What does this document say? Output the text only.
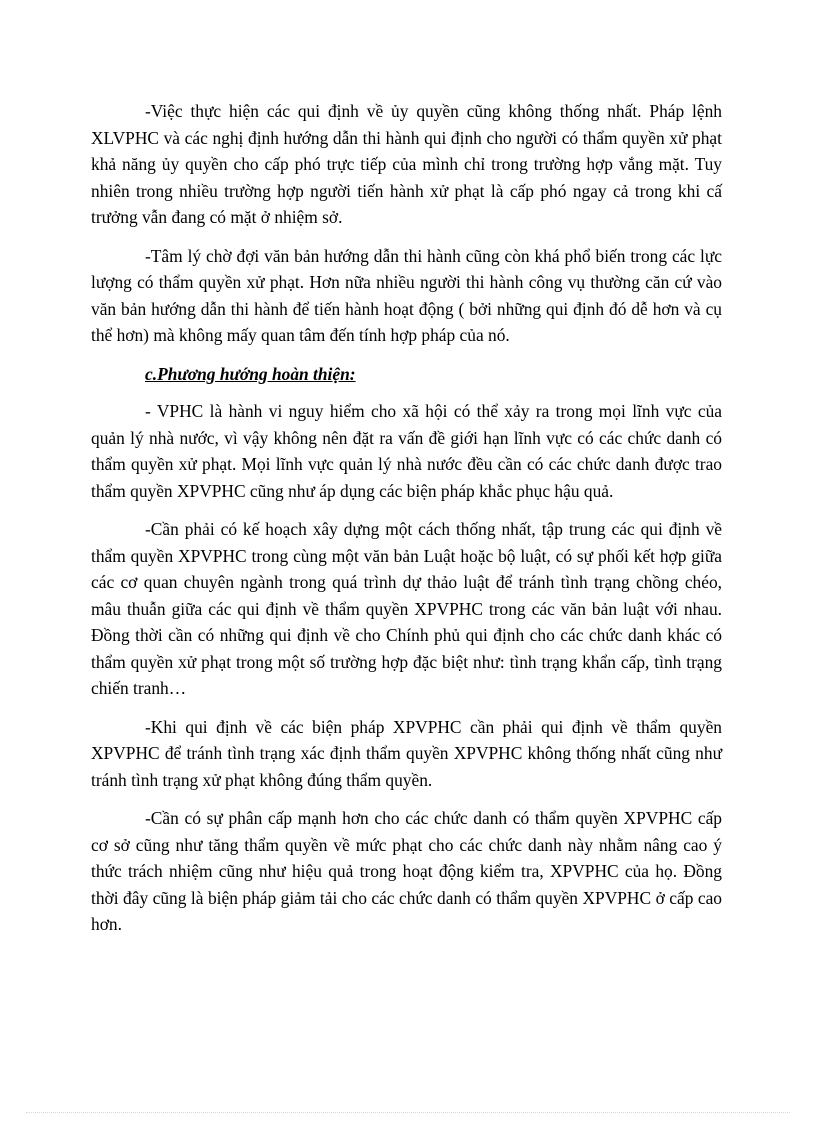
-Việc thực hiện các qui định về ủy quyền cũng không thống nhất. Pháp lệnh XLVPHC và các nghị định hướng dẫn thi hành qui định cho người có thẩm quyền xử phạt khả năng ủy quyền cho cấp phó trực tiếp của mình chỉ trong trường hợp vắng mặt. Tuy nhiên trong nhiều trường hợp người tiến hành xử phạt là cấp phó ngay cả trong khi cấ trưởng vẫn đang có mặt ở nhiệm sở.

-Tâm lý chờ đợi văn bản hướng dẫn thi hành cũng còn khá phổ biến trong các lực lượng có thẩm quyền xử phạt. Hơn nữa nhiều người thi hành công vụ thường căn cứ vào văn bản hướng dẫn thi hành để tiến hành hoạt động ( bởi những qui định đó dễ hơn và cụ thể hơn) mà không mấy quan tâm đến tính hợp pháp của nó.

c.Phương hướng hoàn thiện:

- VPHC là hành vi nguy hiểm cho xã hội có thể xảy ra trong mọi lĩnh vực của quản lý nhà nước, vì vậy không nên đặt ra vấn đề giới hạn lĩnh vực có các chức danh có thẩm quyền xử phạt. Mọi lĩnh vực quản lý nhà nước đều cần có các chức danh được trao thẩm quyền XPVPHC cũng như áp dụng các biện pháp khắc phục hậu quả.

-Cần phải có kế hoạch xây dựng một cách thống nhất, tập trung các qui định về thẩm quyền XPVPHC trong cùng một văn bản Luật hoặc bộ luật, có sự phối kết hợp giữa các cơ quan chuyên ngành trong quá trình dự thảo luật để tránh tình trạng chồng chéo, mâu thuẫn giữa các qui định về thẩm quyền XPVPHC trong các văn bản luật với nhau. Đồng thời cần có những qui định về cho Chính phủ qui định cho các chức danh khác có thẩm quyền xử phạt trong một số trường hợp đặc biệt như: tình trạng khẩn cấp, tình trạng chiến tranh…

-Khi qui định về các biện pháp XPVPHC cần phải qui định về thẩm quyền XPVPHC để tránh tình trạng xác định thẩm quyền XPVPHC không thống nhất cũng như tránh tình trạng xử phạt không đúng thẩm quyền.

-Cần có sự phân cấp mạnh hơn cho các chức danh có thẩm quyền XPVPHC cấp cơ sở cũng như tăng thẩm quyền về mức phạt cho các chức danh này nhằm nâng cao ý thức trách nhiệm cũng như hiệu quả trong hoạt động kiểm tra, XPVPHC của họ. Đồng thời đây cũng là biện pháp giảm tải cho các chức danh có thẩm quyền XPVPHC ở cấp cao hơn.
